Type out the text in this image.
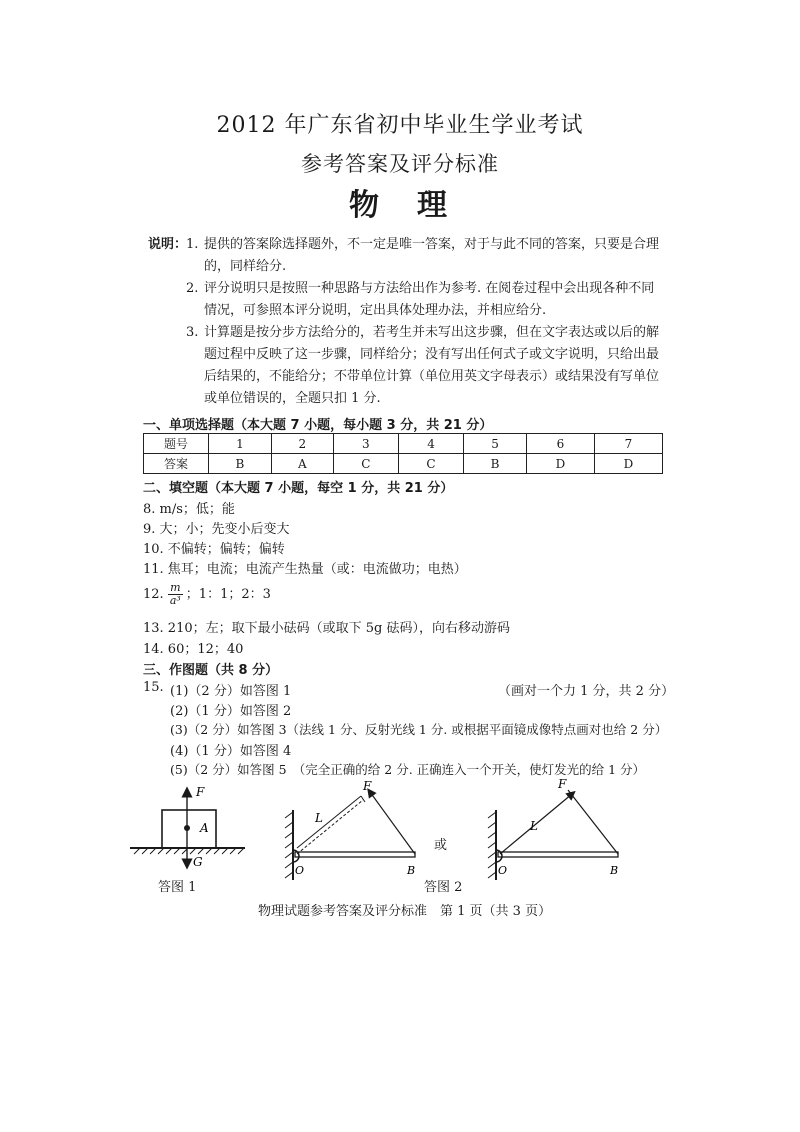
2012 年广东省初中毕业生学业考试
参考答案及评分标准
物　理
说明：
1. 提供的答案除选择题外，不一定是唯一答案，对于与此不同的答案，只要是合理
的，同样给分.
2. 评分说明只是按照一种思路与方法给出作为参考. 在阅卷过程中会出现各种不同
情况，可参照本评分说明，定出具体处理办法，并相应给分.
3. 计算题是按分步方法给分的，若考生并未写出这步骤，但在文字表达或以后的解
题过程中反映了这一步骤，同样给分；没有写出任何式子或文字说明，只给出最
后结果的，不能给分；不带单位计算（单位用英文字母表示）或结果没有写单位
或单位错误的，全题只扣 1 分.
一、单项选择题（本大题 7 小题，每小题 3 分，共 21 分）
题号	1	2	3	4	5	6	7
答案	B	A	C	C	B	D	D
二、填空题（本大题 7 小题，每空 1 分，共 21 分）
8. m/s；低；能
9. 大；小；先变小后变大
10. 不偏转；偏转；偏转
11. 焦耳；电流；电流产生热量（或：电流做功；电热）
12. $\frac{m}{\text{a³}}$ ；1：1；2：3
13. 210；左；取下最小砝码（或取下 5g 砝码），向右移动游码
14. 60；12；40
三、作图题（共 8 分）
15. (1)（2 分）如答图 1	（画对一个力 1 分，共 2 分）
(2)（1 分）如答图 2
(3)（2 分）如答图 3（法线 1 分、反射光线 1 分. 或根据平面镜成像特点画对也给 2 分）
(4)（1 分）如答图 4
(5)（2 分）如答图 5　（完全正确的给 2 分. 正确连入一个开关，使灯发光的给 1 分）
F
A
G
答图 1
F
L
O	B
或
F
L
O	B
答图 2
物理试题参考答案及评分标准　第 1 页（共 3 页）
